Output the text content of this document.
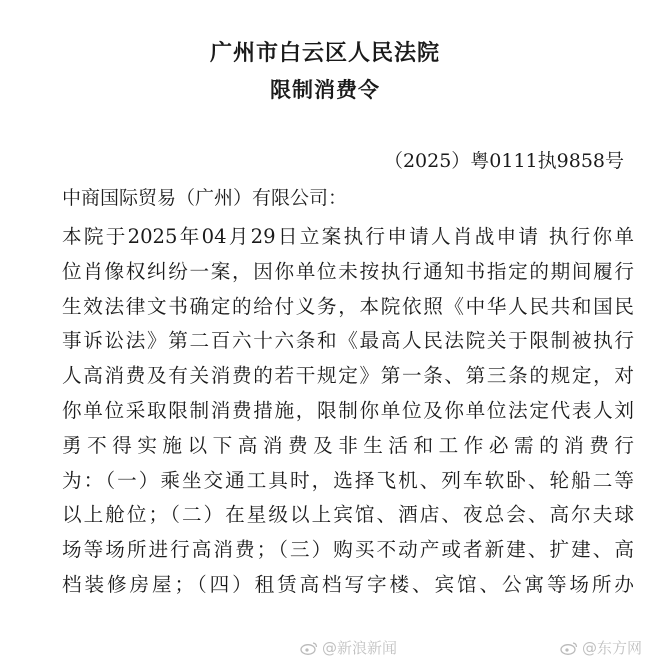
广州市白云区人民法院
限制消费令
（2025）粤0111执9858号
中商国际贸易（广州）有限公司：
本院于2025年04月29日立案执行申请人肖战申请 执行你单
位肖像权纠纷一案，因你单位未按执行通知书指定的期间履行
生效法律文书确定的给付义务，本院依照《中华人民共和国民
事诉讼法》第二百六十六条和《最高人民法院关于限制被执行
人高消费及有关消费的若干规定》第一条、第三条的规定，对
你单位采取限制消费措施，限制你单位及你单位法定代表人刘
勇不得实施以下高消费及非生活和工作必需的消费行
为：（一）乘坐交通工具时，选择飞机、列车软卧、轮船二等
以上舱位；（二）在星级以上宾馆、酒店、夜总会、高尔夫球
场等场所进行高消费；（三）购买不动产或者新建、扩建、高
档装修房屋；（四）租赁高档写字楼、宾馆、公寓等场所办
@新浪新闻	@东方网
